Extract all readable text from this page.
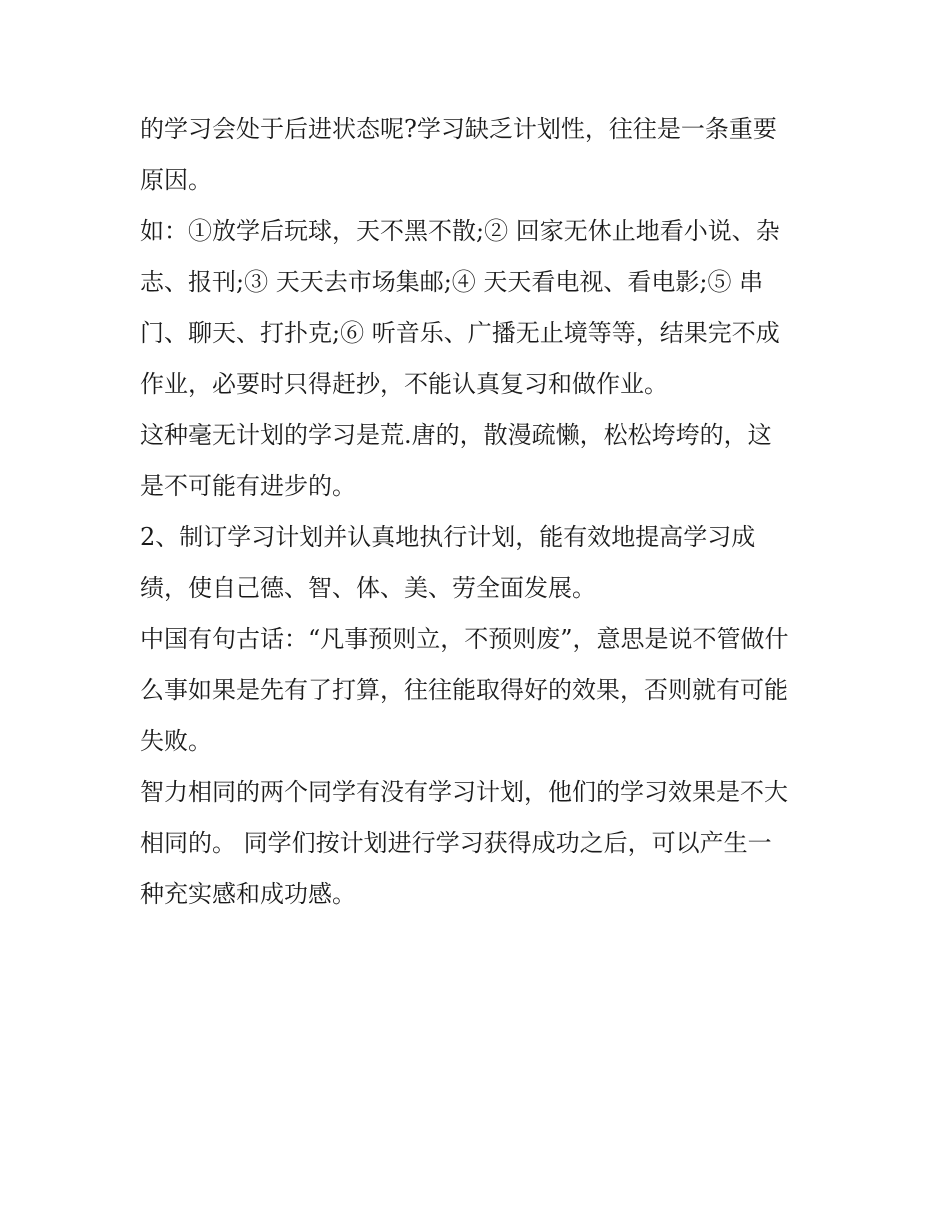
的学习会处于后进状态呢?学习缺乏计划性，往往是一条重要
原因。
如：①放学后玩球，天不黑不散;② 回家无休止地看小说、杂
志、报刊;③ 天天去市场集邮;④ 天天看电视、看电影;⑤ 串
门、聊天、打扑克;⑥ 听音乐、广播无止境等等，结果完不成
作业，必要时只得赶抄，不能认真复习和做作业。
这种毫无计划的学习是荒.唐的，散漫疏懒，松松垮垮的，这
是不可能有进步的。
2、制订学习计划并认真地执行计划，能有效地提高学习成
绩，使自己德、智、体、美、劳全面发展。
中国有句古话：“凡事预则立，不预则废”，意思是说不管做什
么事如果是先有了打算，往往能取得好的效果，否则就有可能
失败。
智力相同的两个同学有没有学习计划，他们的学习效果是不大
相同的。 同学们按计划进行学习获得成功之后，可以产生一
种充实感和成功感。
